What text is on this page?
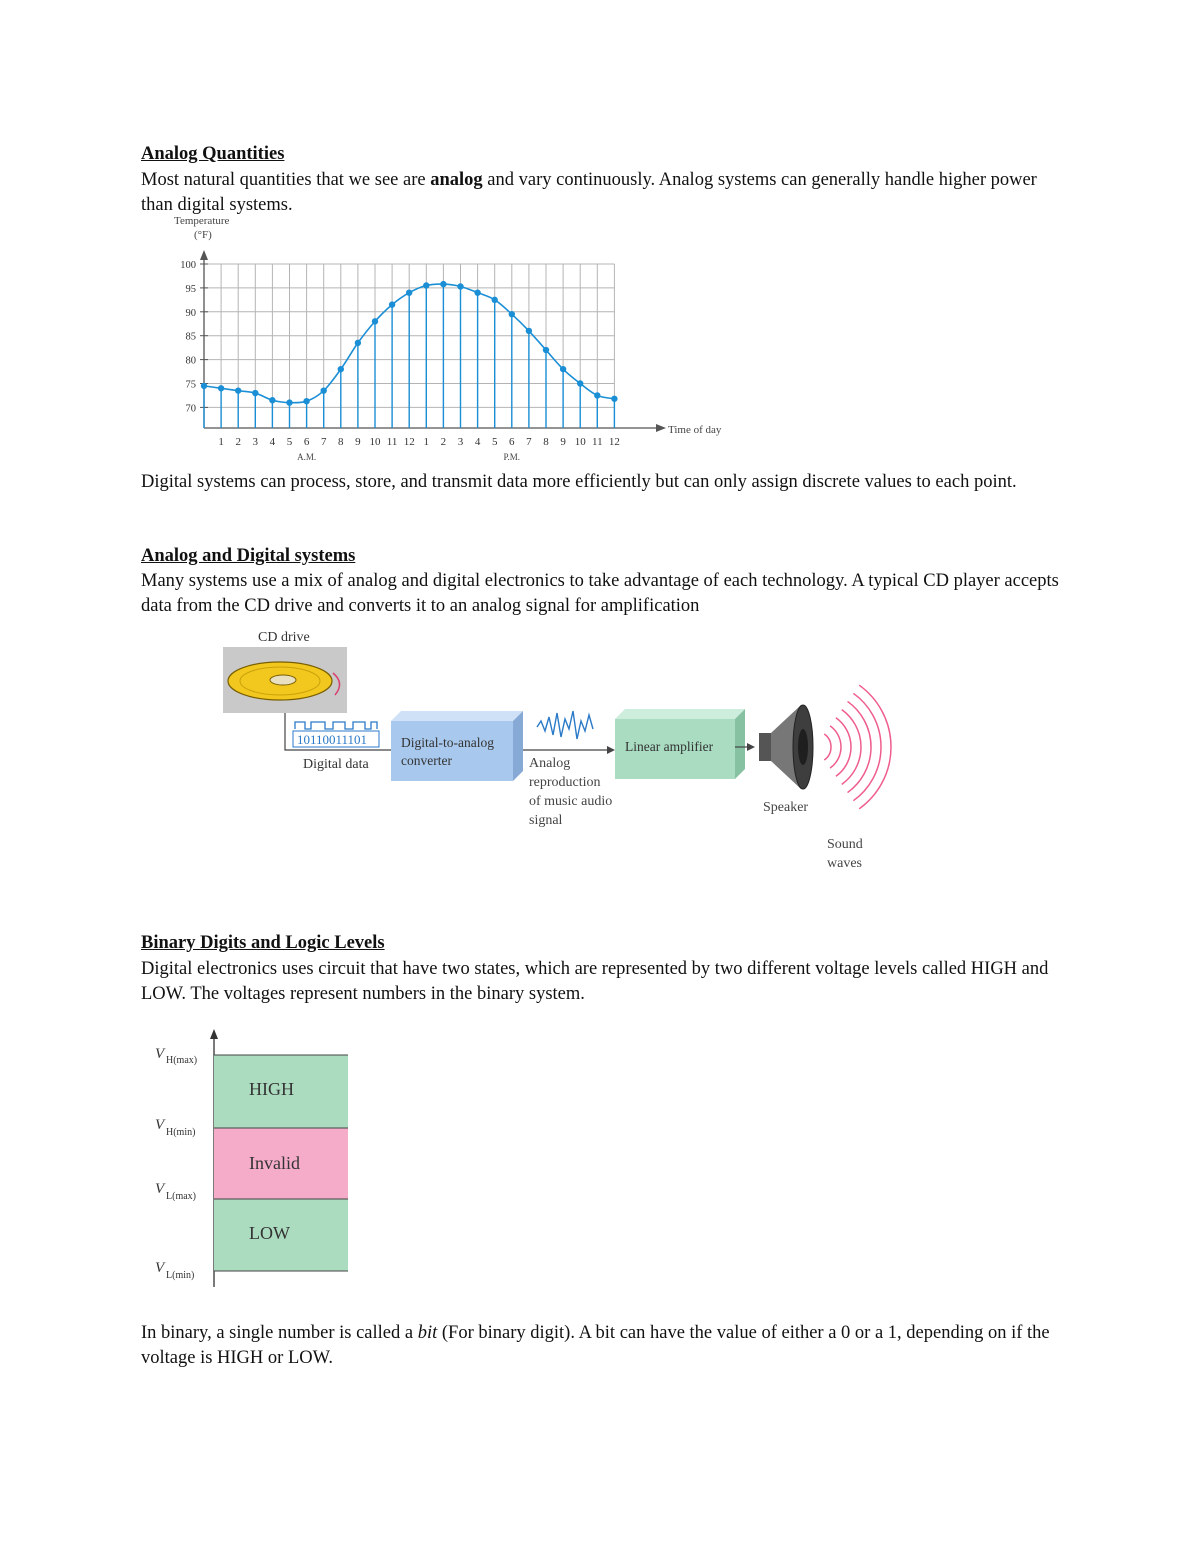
Analog Quantities

Most natural quantities that we see are analog and vary continuously. Analog systems can generally handle higher power than digital systems.

70
75
80
85
90
95
100
Temperature
(°F)
1 2 3 4 5 6 7 8 9 10 11 12 1 2 3 4 5 6 7 8 9 10 11 12
A.M.	P.M.
Time of day

Digital systems can process, store, and transmit data more efficiently but can only assign discrete values to each point.

Analog and Digital systems

Many systems use a mix of analog and digital electronics to take advantage of each technology. A typical CD player accepts data from the CD drive and converts it to an analog signal for amplification

CD drive
10110011101
Digital data
Digital-to-analog
converter	Analog
reproduction
of music audio
signal
Linear amplifier
Speaker
Sound
waves
Binary Digits and Logic Levels

Digital electronics uses circuit that have two states, which are represented by two different voltage levels called HIGH and LOW. The voltages represent numbers in the binary system.

HIGH
Invalid
LOW
V H(max)
V H(min)
V L(max)
V L(min)

In binary, a single number is called a bit (For binary digit). A bit can have the value of either a 0 or a 1, depending on if the voltage is HIGH or LOW.
